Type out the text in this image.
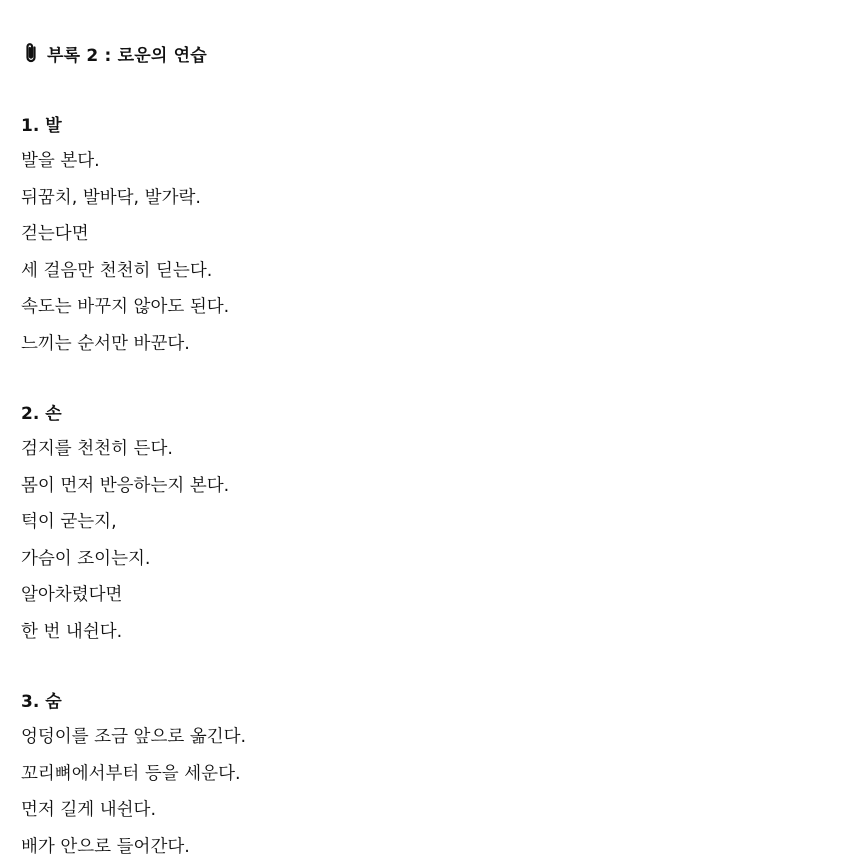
부록 2 : 로운의 연습
1. 발
발을 본다.
뒤꿈치, 발바닥, 발가락.
걷는다면
세 걸음만 천천히 딛는다.
속도는 바꾸지 않아도 된다.
느끼는 순서만 바꾼다.
2. 손
검지를 천천히 든다.
몸이 먼저 반응하는지 본다.
턱이 굳는지,
가슴이 조이는지.
알아차렸다면
한 번 내쉰다.
3. 숨
엉덩이를 조금 앞으로 옮긴다.
꼬리뼈에서부터 등을 세운다.
먼저 길게 내쉰다.
배가 안으로 들어간다.
